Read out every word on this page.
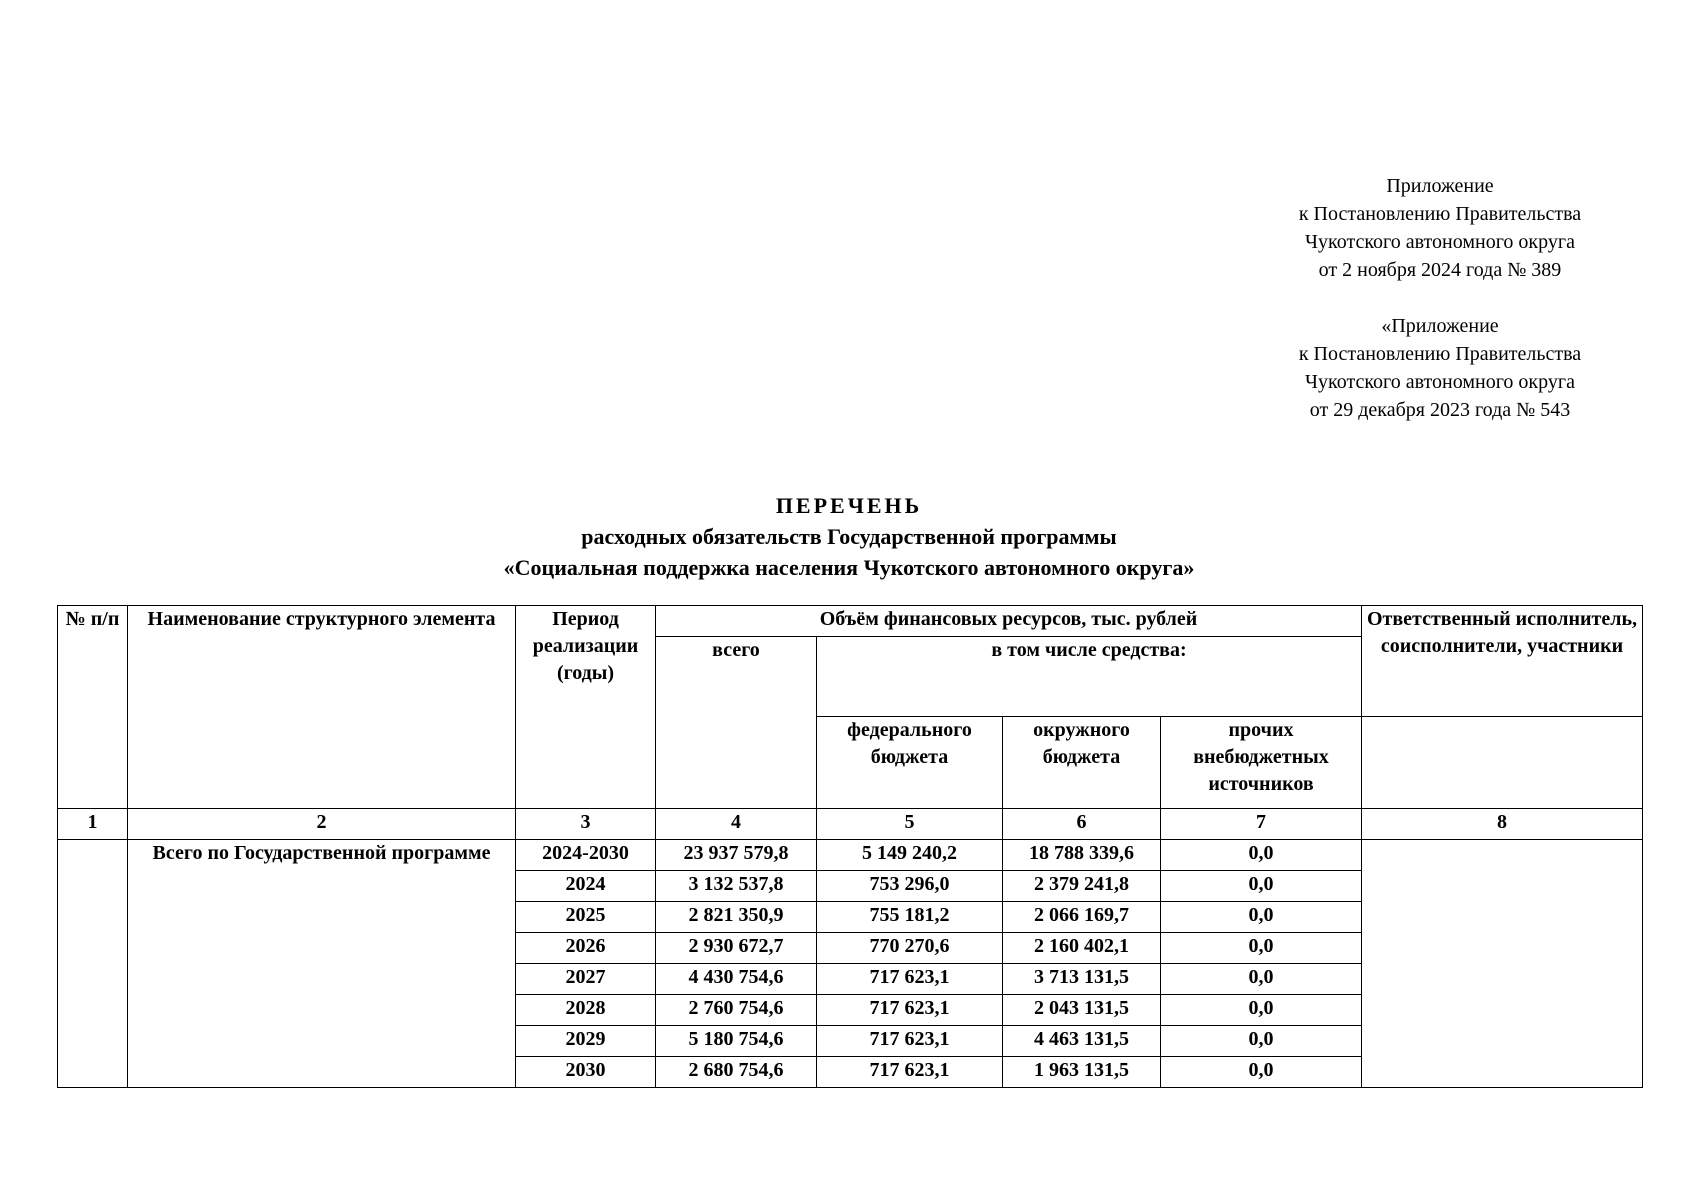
Приложение
к Постановлению Правительства
Чукотского автономного округа
от 2 ноября 2024 года № 389
«Приложение
к Постановлению Правительства
Чукотского автономного округа
от 29 декабря 2023 года № 543
ПЕРЕЧЕНЬ
расходных обязательств Государственной программы
«Социальная поддержка населения Чукотского автономного округа»
№ п/п	Наименование структурного элемента	Период реализации (годы)	Объём финансовых ресурсов, тыс. рублей				Ответственный исполнитель, соисполнители, участники
			всего	в том числе средства:			
				федерального бюджета	окружного бюджета	прочих внебюджетных источников	
1	2	3	4	5	6	7	8
	Всего по Государственной программе	2024-2030	23 937 579,8	5 149 240,2	18 788 339,6	0,0	
		2024	3 132 537,8	753 296,0	2 379 241,8	0,0	
		2025	2 821 350,9	755 181,2	2 066 169,7	0,0	
		2026	2 930 672,7	770 270,6	2 160 402,1	0,0	
		2027	4 430 754,6	717 623,1	3 713 131,5	0,0	
		2028	2 760 754,6	717 623,1	2 043 131,5	0,0	
		2029	5 180 754,6	717 623,1	4 463 131,5	0,0	
		2030	2 680 754,6	717 623,1	1 963 131,5	0,0	
